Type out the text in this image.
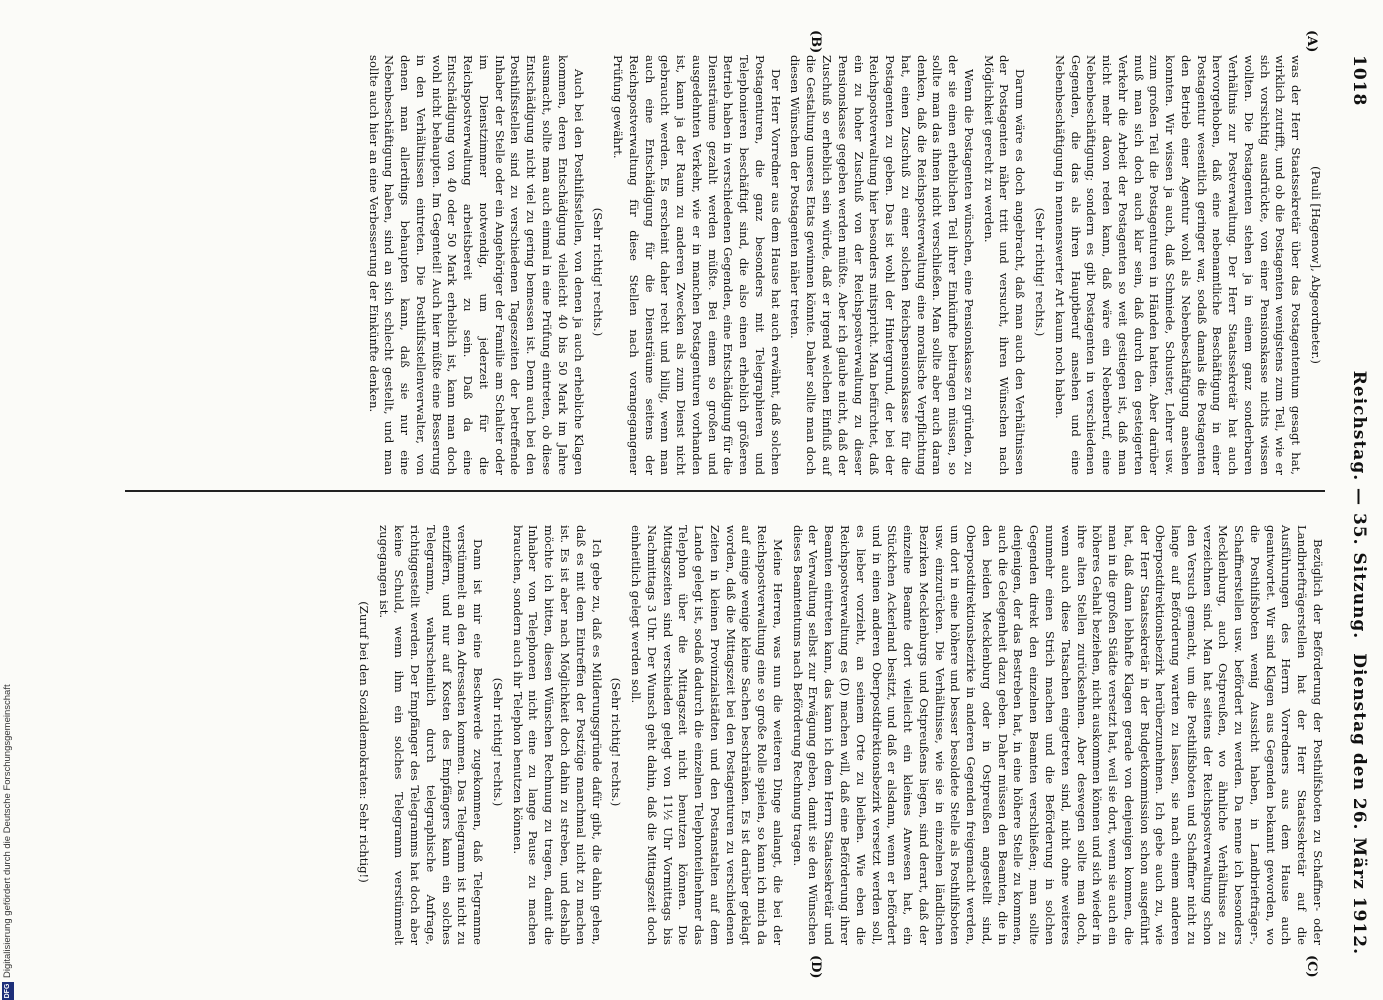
1018
Reichstag. — 35. Sitzung.
Dienstag den 26. März 1912.
(A)
(B)
(C)
(D)

(Pauli [Hagenow], Abgeordneter.)

was der Herr Staatssekretär über das Postagententum gesagt hat, wirklich zutrifft, und ob die Postagenten wenigstens zum Teil, wie er sich vorsichtig ausdrückte, von einer Pensionskasse nichts wissen wollten. Die Postagenten stehen ja in einem ganz sonderbaren Verhältnis zur Postverwaltung. Der Herr Staatssekretär hat auch hervorgehoben, daß eine nebenamtliche Beschäftigung in einer Postagentur wesentlich geringer war, sodaß damals die Postagenten den Betrieb einer Agentur wohl als Nebenbeschäftigung ansehen konnten. Wir wissen ja auch, daß Schmiede, Schuster, Lehrer usw. zum großen Teil die Postagenturen in Händen hatten. Aber darüber muß man sich doch auch klar sein, daß durch den gesteigerten Verkehr die Arbeit der Postagenten so weit gestiegen ist, daß man nicht mehr davon reden kann, daß wäre ein Nebenberuf, eine Nebenbeschäftigung; sondern es gibt Postagenten in verschiedenen Gegenden, die das als ihren Hauptberuf ansehen und eine Nebenbeschäftigung in nennenswerter Art kaum noch haben.

(Sehr richtig! rechts.)

Darum wäre es doch angebracht, daß man auch den Verhältnissen der Postagenten näher tritt und versucht, ihren Wünschen nach Möglichkeit gerecht zu werden.

Wenn die Postagenten wünschen, eine Pensionskasse zu gründen, zu der sie einen erheblichen Teil ihrer Einkünfte beitragen müssen, so sollte man das ihnen nicht verschließen. Man sollte aber auch daran denken, daß die Reichspostverwaltung eine moralische Verpflichtung hat, einen Zuschuß zu einer solchen Reichspensionskasse für die Postagenten zu geben. Das ist wohl der Hintergrund, der bei der Reichspostverwaltung hier besonders mitspricht. Man befürchtet, daß ein zu hoher Zuschuß von der Reichspostverwaltung zu dieser Pensionskasse gegeben werden müßte. Aber ich glaube nicht, daß der Zuschuß so erheblich sein würde, daß er irgend welchen Einfluß auf die Gestaltung unseres Etats gewinnen könnte. Daher sollte man doch diesen Wünschen der Postagenten näher treten.

Der Herr Vorredner aus dem Hause hat auch erwähnt, daß solchen Postagenturen, die ganz besonders mit Telegraphieren und Telephonieren beschäftigt sind, die also einen erheblich größeren Betrieb haben in verschiedenen Gegenden, eine Entschädigung für die Diensträume gezahlt werden müßte. Bei einem so großen und ausgedehnten Verkehr, wie er in manchen Postagenturen vorhanden ist, kann ja der Raum zu anderen Zwecken als zum Dienst nicht gebraucht werden. Es erscheint daher recht und billig, wenn man auch eine Entschädigung für die Diensträume seitens der Reichspostverwaltung für diese Stellen nach vorangegangener Prüfung gewährt.

(Sehr richtig! rechts.)

Auch bei den Posthilfsstellen, von denen ja auch erhebliche Klagen kommen, deren Entschädigung vielleicht 40 bis 50 Mark im Jahre ausmacht, sollte man auch einmal in eine Prüfung eintreten, ob diese Entschädigung nicht viel zu gering bemessen ist. Denn auch bei den Posthilfsstellen sind zu verschiedenen Tageszeiten der betreffende Inhaber der Stelle oder ein Angehöriger der Familie am Schalter oder im Dienstzimmer notwendig, um jederzeit für die Reichspostverwaltung arbeitsbereit zu sein. Daß da eine Entschädigung von 40 oder 50 Mark erheblich ist, kann man doch wohl nicht behaupten. Im Gegenteil! Auch hier müßte eine Besserung in den Verhältnissen eintreten. Die Posthilfsstellenverwalter, von denen man allerdings behaupten kann, daß sie nur eine Nebenbeschäftigung haben, sind an sich schlecht gestellt, und man sollte auch hier an eine Verbesserung der Einkünfte denken.

Bezüglich der Beförderung der Posthilfsboten zu Schaffner- oder Landbriefträgerstellen hat der Herr Staatssekretär auf die Ausführungen des Herrn Vorredners aus dem Hause auch geantwortet. Wir sind Klagen aus Gegenden bekannt geworden, wo die Posthilfsboten wenig Aussicht haben, in Landbriefträger-, Schaffnerstellen usw. befördert zu werden. Da nenne ich besonders Mecklenburg, auch Ostpreußen, wo ähnliche Verhältnisse zu verzeichnen sind. Man hat seitens der Reichspostverwaltung schon den Versuch gemacht, um die Posthilfsboten und Schaffner nicht zu lange auf Beförderung warten zu lassen, sie nach einem anderen Oberpostdirektionsbezirk herüberzunehmen. Ich gebe auch zu, wie der Herr Staatssekretär in der Budgetkommission schon ausgeführt hat, daß dann lebhafte Klagen gerade von denjenigen kommen, die man in die großen Städte versetzt hat, weil sie dort, wenn sie auch ein höheres Gehalt beziehen, nicht auskommen können und sich wieder in ihre alten Stellen zurücksehnen. Aber deswegen sollte man doch, wenn auch diese Tatsachen eingetreten sind, nicht ohne weiteres nunmehr einen Strich machen und die Beförderung in solchen Gegenden direkt den einzelnen Beamten verschließen; man sollte denjenigen, der das Bestreben hat, in eine höhere Stelle zu kommen, auch die Gelegenheit dazu geben. Daher müssen den Beamten, die in den beiden Mecklenburg oder in Ostpreußen angestellt sind, Oberpostdirektionsbezirke in anderen Gegenden freigemacht werden, um dort in eine höhere und besser besoldete Stelle als Posthilfsboten usw. einzurücken. Die Verhältnisse, wie sie in einzelnen ländlichen Bezirken Mecklenburgs und Ostpreußens liegen, sind derart, daß der einzelne Beamte dort vielleicht ein kleines Anwesen hat, ein Stückchen Ackerland besitzt, und daß er alsdann, wenn er befördert und in einen anderen Oberpostdirektionsbezirk versetzt werden soll, es lieber vorzieht, an seinem Orte zu bleiben. Wie eben die Reichspostverwaltung es (D) machen will, daß eine Beförderung ihrer Beamten eintreten kann, das kann ich dem Herrn Staatssekretär und der Verwaltung selbst zur Erwägung geben, damit sie den Wünschen dieses Beamtentums nach Beförderung Rechnung tragen.

Meine Herren, was nun die weiteren Dinge anlangt, die bei der Reichspostverwaltung eine so große Rolle spielen, so kann ich mich da auf einige wenige kleine Sachen beschränken. Es ist darüber geklagt worden, daß die Mittagszeit bei den Postagenturen zu verschiedenen Zeiten in kleinen Provinzialstädten und den Postanstalten auf dem Lande gelegt ist, sodaß dadurch die einzelnen Telephonteilnehmer das Telephon über die Mittagszeit nicht benutzen können. Die Mittagszeiten sind verschieden gelegt von 11½ Uhr Vormittags bis Nachmittags 3 Uhr. Der Wunsch geht dahin, daß die Mittagszeit doch einheitlich gelegt werden soll.

(Sehr richtig! rechts.)

Ich gebe zu, daß es Milderungsgründe dafür gibt, die dahin gehen, daß es mit dem Eintreffen der Postzüge manchmal nicht zu machen ist. Es ist aber nach Möglichkeit doch dahin zu streben, und deshalb möchte ich bitten, diesen Wünschen Rechnung zu tragen, damit die Inhaber von Telephonen nicht eine zu lange Pause zu machen brauchen, sondern auch ihr Telephon benutzen können.

(Sehr richtig! rechts.)

Dann ist mir eine Beschwerde zugekommen, daß Telegramme verstümmelt an den Adressaten kommen. Das Telegramm ist nicht zu entziffern, und nur auf Kosten des Empfängers kann ein solches Telegramm, wahrscheinlich durch telegraphische Anfrage, richtiggestellt werden. Der Empfänger des Telegramms hat doch aber keine Schuld, wenn ihm ein solches Telegramm verstümmelt zugegangen ist.

(Zuruf bei den Sozialdemokraten: Sehr richtig!)

Digitalisierung gefördert durch die Deutsche Forschungsgemeinschaft
DFG
